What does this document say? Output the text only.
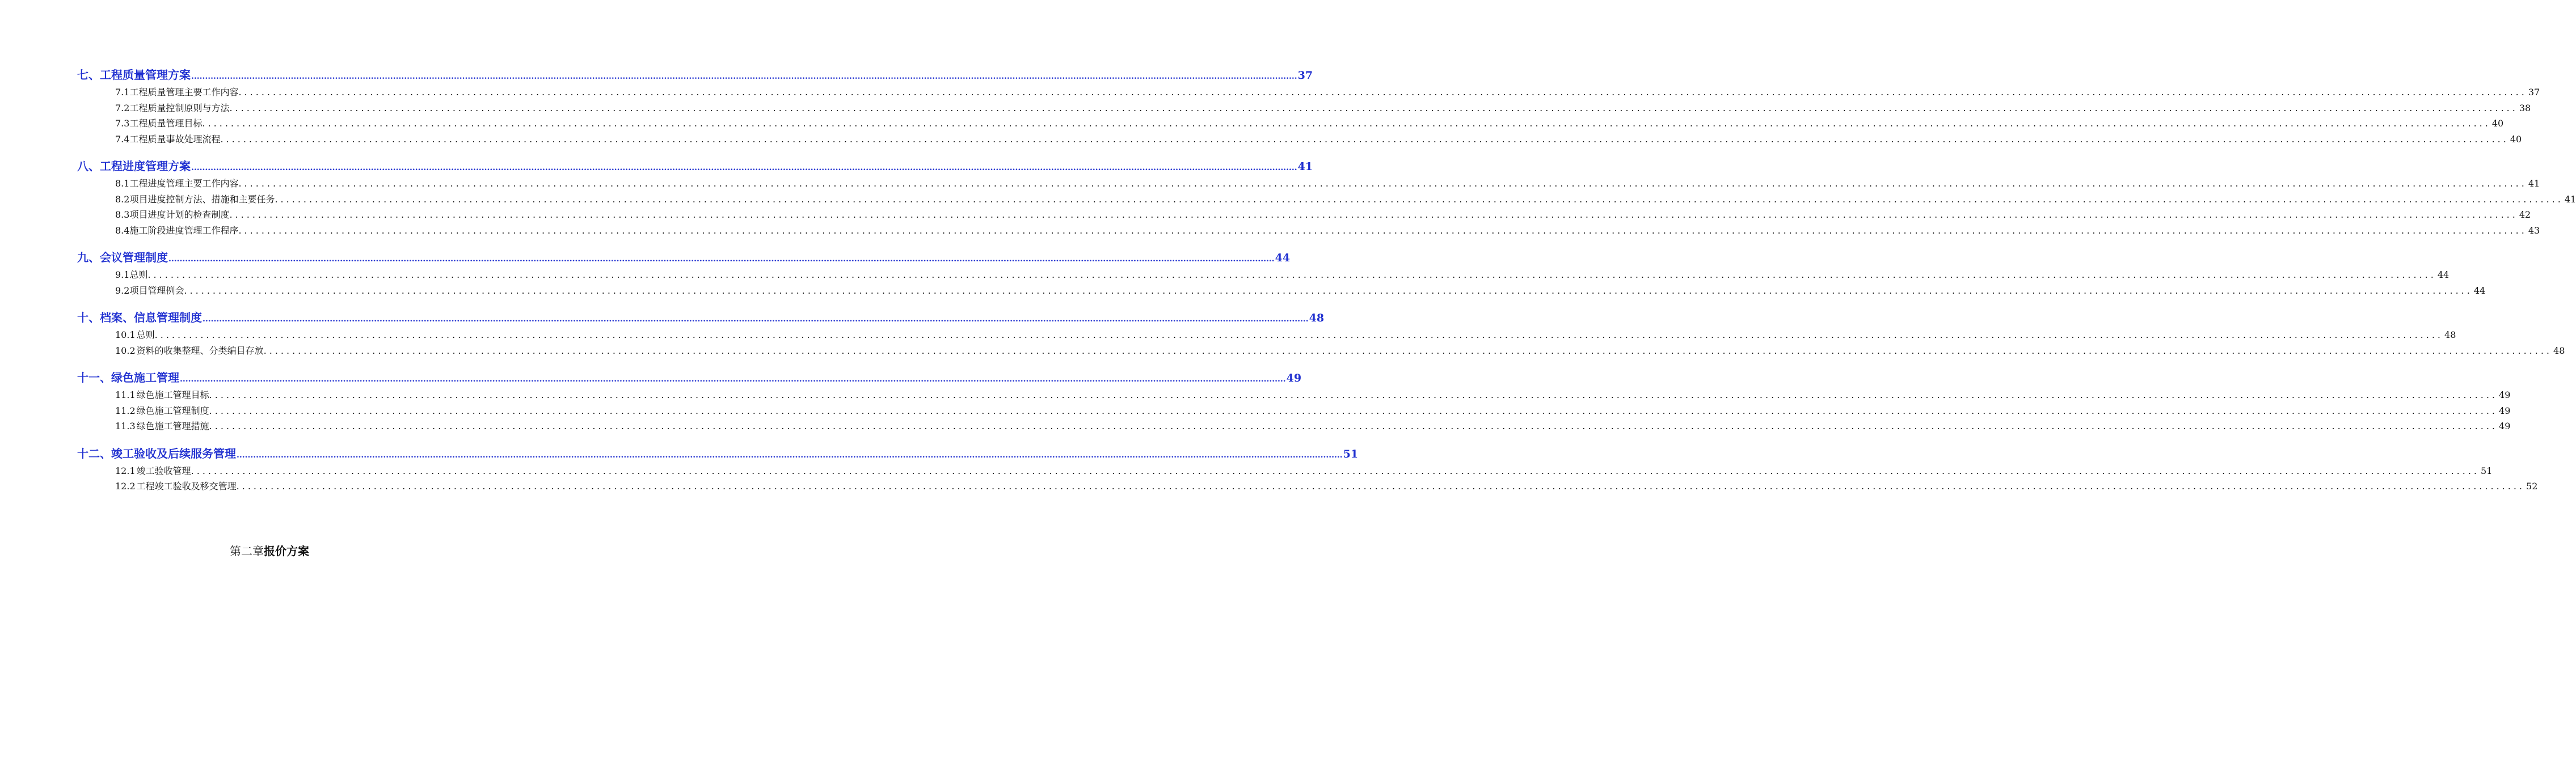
七、工程质量管理方案 ................................................................................................................................................................................................................................................................................................................................................................................................................ 37
7.1 工程质量管理主要工作内容 ................................................................................................................................................................................................................................................................................................................................................................................................................ 37
7.2 工程质量控制原则与方法 ................................................................................................................................................................................................................................................................................................................................................................................................................ 38
7.3 工程质量管理目标 ................................................................................................................................................................................................................................................................................................................................................................................................................ 40
7.4 工程质量事故处理流程 ................................................................................................................................................................................................................................................................................................................................................................................................................ 40
八、工程进度管理方案 ................................................................................................................................................................................................................................................................................................................................................................................................................ 41
8.1 工程进度管理主要工作内容 ................................................................................................................................................................................................................................................................................................................................................................................................................ 41
8.2 项目进度控制方法、措施和主要任务 ................................................................................................................................................................................................................................................................................................................................................................................................................ 41
8.3 项目进度计划的检查制度 ................................................................................................................................................................................................................................................................................................................................................................................................................ 42
8.4 施工阶段进度管理工作程序 ................................................................................................................................................................................................................................................................................................................................................................................................................ 43
九、会议管理制度 ................................................................................................................................................................................................................................................................................................................................................................................................................ 44
9.1 总则 ................................................................................................................................................................................................................................................................................................................................................................................................................ 44
9.2 项目管理例会 ................................................................................................................................................................................................................................................................................................................................................................................................................ 44
十、档案、信息管理制度 ................................................................................................................................................................................................................................................................................................................................................................................................................ 48
10.1 总则 ................................................................................................................................................................................................................................................................................................................................................................................................................ 48
10.2 资料的收集整理、分类编目存放 ................................................................................................................................................................................................................................................................................................................................................................................................................ 48
十一、绿色施工管理 ................................................................................................................................................................................................................................................................................................................................................................................................................ 49
11.1 绿色施工管理目标 ................................................................................................................................................................................................................................................................................................................................................................................................................ 49
11.2 绿色施工管理制度 ................................................................................................................................................................................................................................................................................................................................................................................................................ 49
11.3 绿色施工管理措施 ................................................................................................................................................................................................................................................................................................................................................................................................................ 49
十二、竣工验收及后续服务管理 ................................................................................................................................................................................................................................................................................................................................................................................................................ 51
12.1 竣工验收管理 ................................................................................................................................................................................................................................................................................................................................................................................................................ 51
12.2 工程竣工验收及移交管理 ................................................................................................................................................................................................................................................................................................................................................................................................................ 52
第二章报价方案
